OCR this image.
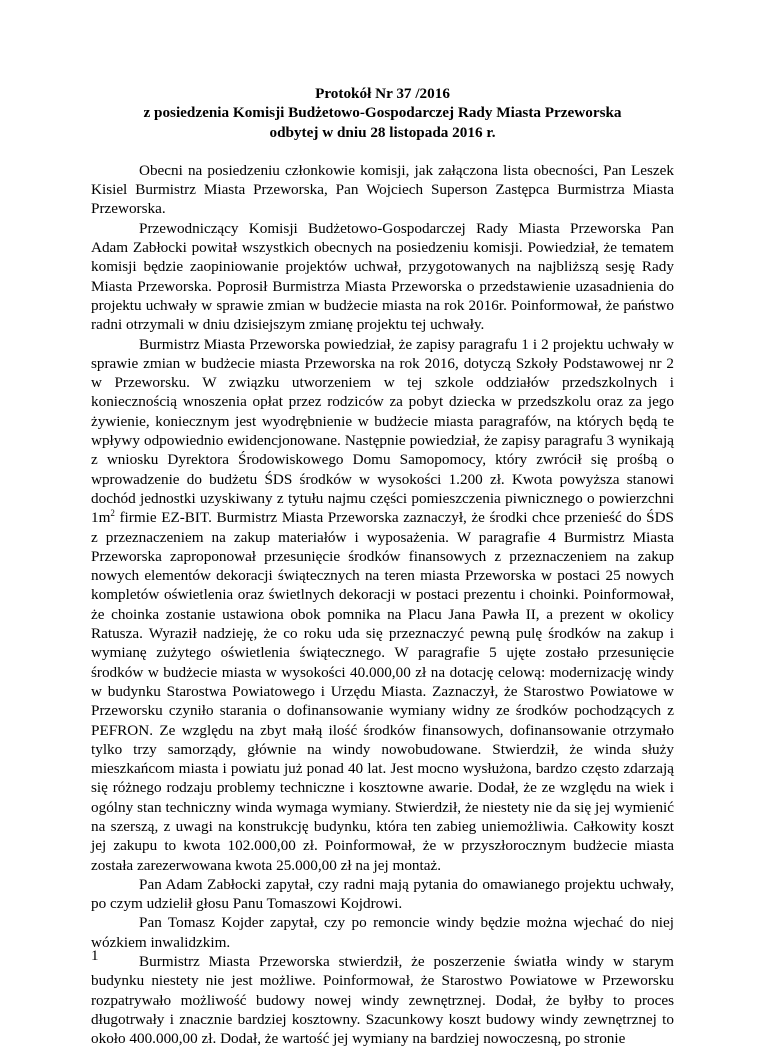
Protokół Nr 37 /2016
z posiedzenia Komisji Budżetowo-Gospodarczej Rady Miasta Przeworska
odbytej w dniu 28 listopada 2016 r.

Obecni na posiedzeniu członkowie komisji, jak załączona lista obecności, Pan Leszek Kisiel Burmistrz Miasta Przeworska, Pan Wojciech Superson Zastępca Burmistrza Miasta Przeworska.

Przewodniczący Komisji Budżetowo-Gospodarczej Rady Miasta Przeworska Pan Adam Zabłocki powitał wszystkich obecnych na posiedzeniu komisji. Powiedział, że tematem komisji będzie zaopiniowanie projektów uchwał, przygotowanych na najbliższą sesję Rady Miasta Przeworska. Poprosił Burmistrza Miasta Przeworska o przedstawienie uzasadnienia do projektu uchwały w sprawie zmian w budżecie miasta na rok 2016r. Poinformował, że państwo radni otrzymali w dniu dzisiejszym zmianę projektu tej uchwały.

Burmistrz Miasta Przeworska powiedział, że zapisy paragrafu 1 i 2 projektu uchwały w sprawie zmian w budżecie miasta Przeworska na rok 2016, dotyczą Szkoły Podstawowej nr 2 w Przeworsku. W związku utworzeniem w tej szkole oddziałów przedszkolnych i koniecznością wnoszenia opłat przez rodziców za pobyt dziecka w przedszkolu oraz za jego żywienie, koniecznym jest wyodrębnienie w budżecie miasta paragrafów, na których będą te wpływy odpowiednio ewidencjonowane. Następnie powiedział, że zapisy paragrafu 3 wynikają z wniosku Dyrektora Środowiskowego Domu Samopomocy, który zwrócił się prośbą o wprowadzenie do budżetu ŚDS środków w wysokości 1.200 zł. Kwota powyższa stanowi dochód jednostki uzyskiwany z tytułu najmu części pomieszczenia piwnicznego o powierzchni $1m^2$ firmie EZ-BIT. Burmistrz Miasta Przeworska zaznaczył, że środki chce przenieść do ŚDS z przeznaczeniem na zakup materiałów i wyposażenia. W paragrafie 4 Burmistrz Miasta Przeworska zaproponował przesunięcie środków finansowych z przeznaczeniem na zakup nowych elementów dekoracji świątecznych na teren miasta Przeworska w postaci 25 nowych kompletów oświetlenia oraz świetlnych dekoracji w postaci prezentu i choinki. Poinformował, że choinka zostanie ustawiona obok pomnika na Placu Jana Pawła II, a prezent w okolicy Ratusza. Wyraził nadzieję, że co roku uda się przeznaczyć pewną pulę środków na zakup i wymianę zużytego oświetlenia świątecznego. W paragrafie 5 ujęte zostało przesunięcie środków w budżecie miasta w wysokości 40.000,00 zł na dotację celową: modernizację windy w budynku Starostwa Powiatowego i Urzędu Miasta. Zaznaczył, że Starostwo Powiatowe w Przeworsku czyniło starania o dofinansowanie wymiany widny ze środków pochodzących z PEFRON. Ze względu na zbyt małą ilość środków finansowych, dofinansowanie otrzymało tylko trzy samorządy, głównie na windy nowobudowane. Stwierdził, że winda służy mieszkańcom miasta i powiatu już ponad 40 lat. Jest mocno wysłużona, bardzo często zdarzają się różnego rodzaju problemy techniczne i kosztowne awarie. Dodał, że ze względu na wiek i ogólny stan techniczny winda wymaga wymiany. Stwierdził, że niestety nie da się jej wymienić na szerszą, z uwagi na konstrukcję budynku, która ten zabieg uniemożliwia. Całkowity koszt jej zakupu to kwota 102.000,00 zł. Poinformował, że w przyszłorocznym budżecie miasta została zarezerwowana kwota 25.000,00 zł na jej montaż.

Pan Adam Zabłocki zapytał, czy radni mają pytania do omawianego projektu uchwały, po czym udzielił głosu Panu Tomaszowi Kojdrowi.

Pan Tomasz Kojder zapytał, czy po remoncie windy będzie można wjechać do niej wózkiem inwalidzkim.

Burmistrz Miasta Przeworska stwierdził, że poszerzenie światła windy w starym budynku niestety nie jest możliwe. Poinformował, że Starostwo Powiatowe w Przeworsku rozpatrywało możliwość budowy nowej windy zewnętrznej. Dodał, że byłby to proces długotrwały i znacznie bardziej kosztowny. Szacunkowy koszt budowy windy zewnętrznej to około 400.000,00 zł. Dodał, że wartość jej wymiany na bardziej nowoczesną, po stronie

1
